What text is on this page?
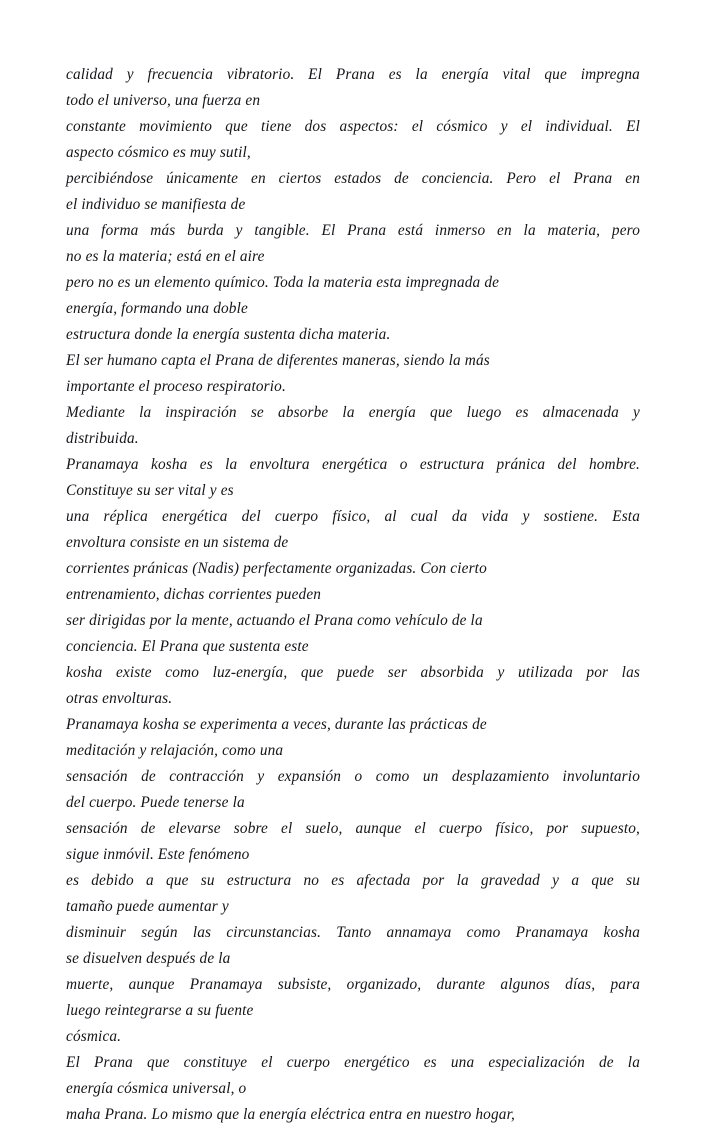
calidad y frecuencia vibratorio. El Prana es la energía vital que impregna
todo el universo, una fuerza en
constante movimiento que tiene dos aspectos: el cósmico y el individual. El
aspecto cósmico es muy sutil,
percibiéndose únicamente en ciertos estados de conciencia. Pero el Prana en
el individuo se manifiesta de
una forma más burda y tangible. El Prana está inmerso en la materia, pero
no es la materia; está en el aire
pero no es un elemento químico. Toda la materia esta impregnada de
energía, formando una doble
estructura donde la energía sustenta dicha materia.
El ser humano capta el Prana de diferentes maneras, siendo la más
importante el proceso respiratorio.
Mediante la inspiración se absorbe la energía que luego es almacenada y
distribuida.
Pranamaya kosha es la envoltura energética o estructura pránica del hombre.
Constituye su ser vital y es
una réplica energética del cuerpo físico, al cual da vida y sostiene. Esta
envoltura consiste en un sistema de
corrientes pránicas (Nadis) perfectamente organizadas. Con cierto
entrenamiento, dichas corrientes pueden
ser dirigidas por la mente, actuando el Prana como vehículo de la
conciencia. El Prana que sustenta este
kosha existe como luz-energía, que puede ser absorbida y utilizada por las
otras envolturas.
Pranamaya kosha se experimenta a veces, durante las prácticas de
meditación y relajación, como una
sensación de contracción y expansión o como un desplazamiento involuntario
del cuerpo. Puede tenerse la
sensación de elevarse sobre el suelo, aunque el cuerpo físico, por supuesto,
sigue inmóvil. Este fenómeno
es debido a que su estructura no es afectada por la gravedad y a que su
tamaño puede aumentar y
disminuir según las circunstancias. Tanto annamaya como Pranamaya kosha
se disuelven después de la
muerte, aunque Pranamaya subsiste, organizado, durante algunos días, para
luego reintegrarse a su fuente
cósmica.
El Prana que constituye el cuerpo energético es una especialización de la
energía cósmica universal, o
maha Prana. Lo mismo que la energía eléctrica entra en nuestro hogar,
